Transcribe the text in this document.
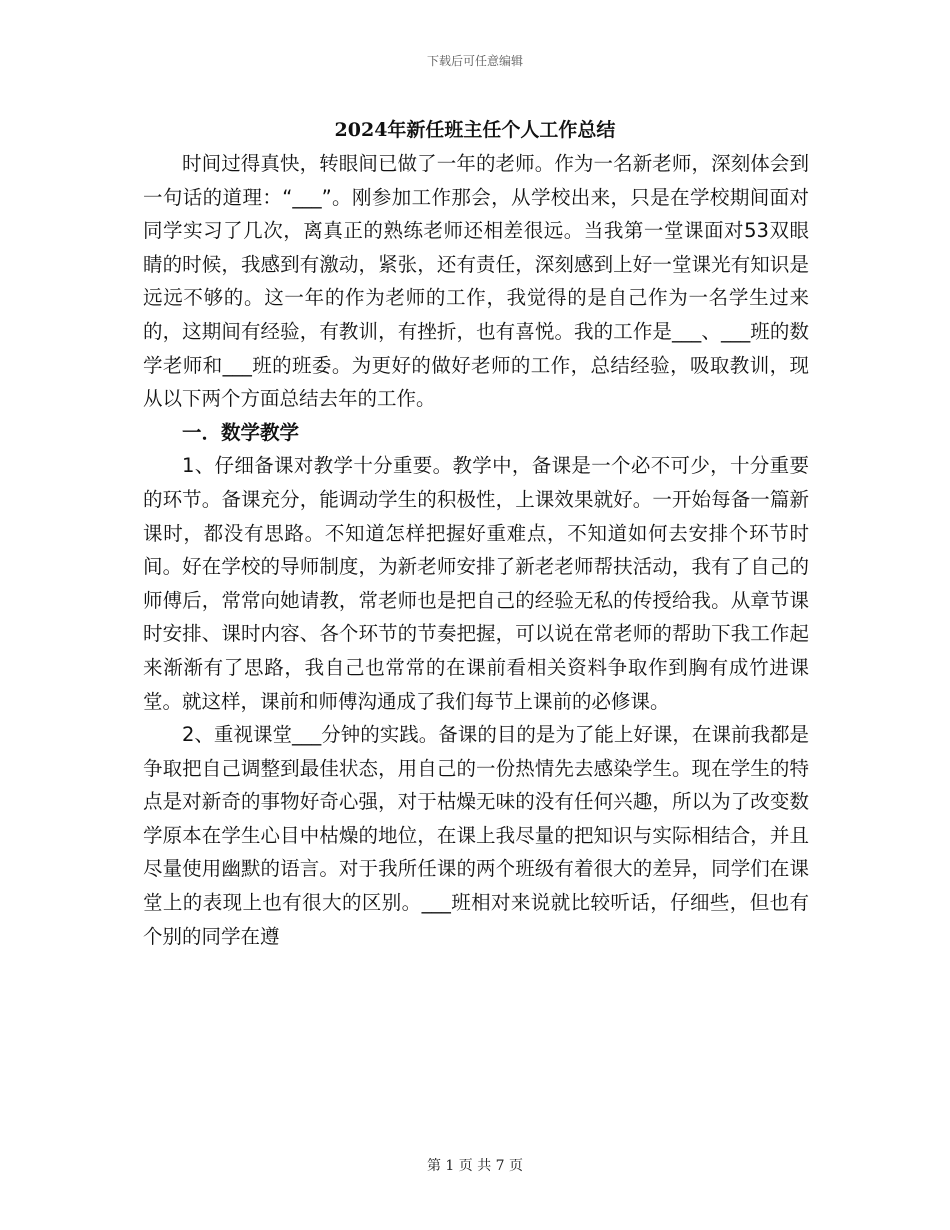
下载后可任意编辑
2024年新任班主任个人工作总结

时间过得真快，转眼间已做了一年的老师。作为一名新老师，深刻体会到一句话的道理：“___”。刚参加工作那会，从学校出来，只是在学校期间面对同学实习了几次，离真正的熟练老师还相差很远。当我第一堂课面对53双眼睛的时候，我感到有激动，紧张，还有责任，深刻感到上好一堂课光有知识是远远不够的。这一年的作为老师的工作，我觉得的是自己作为一名学生过来的，这期间有经验，有教训，有挫折，也有喜悦。我的工作是___、___班的数学老师和___班的班委。为更好的做好老师的工作，总结经验，吸取教训，现从以下两个方面总结去年的工作。

一．数学教学

1、仔细备课对教学十分重要。教学中，备课是一个必不可少，十分重要的环节。备课充分，能调动学生的积极性，上课效果就好。一开始每备一篇新课时，都没有思路。不知道怎样把握好重难点，不知道如何去安排个环节时间。好在学校的导师制度，为新老师安排了新老老师帮扶活动，我有了自己的师傅后，常常向她请教，常老师也是把自己的经验无私的传授给我。从章节课时安排、课时内容、各个环节的节奏把握，可以说在常老师的帮助下我工作起来渐渐有了思路，我自己也常常的在课前看相关资料争取作到胸有成竹进课堂。就这样，课前和师傅沟通成了我们每节上课前的必修课。

2、重视课堂___分钟的实践。备课的目的是为了能上好课，在课前我都是争取把自己调整到最佳状态，用自己的一份热情先去感染学生。现在学生的特点是对新奇的事物好奇心强，对于枯燥无味的没有任何兴趣，所以为了改变数学原本在学生心目中枯燥的地位，在课上我尽量的把知识与实际相结合，并且尽量使用幽默的语言。对于我所任课的两个班级有着很大的差异，同学们在课堂上的表现上也有很大的区别。___班相对来说就比较听话，仔细些，但也有个别的同学在遵

第 1 页 共 7 页
